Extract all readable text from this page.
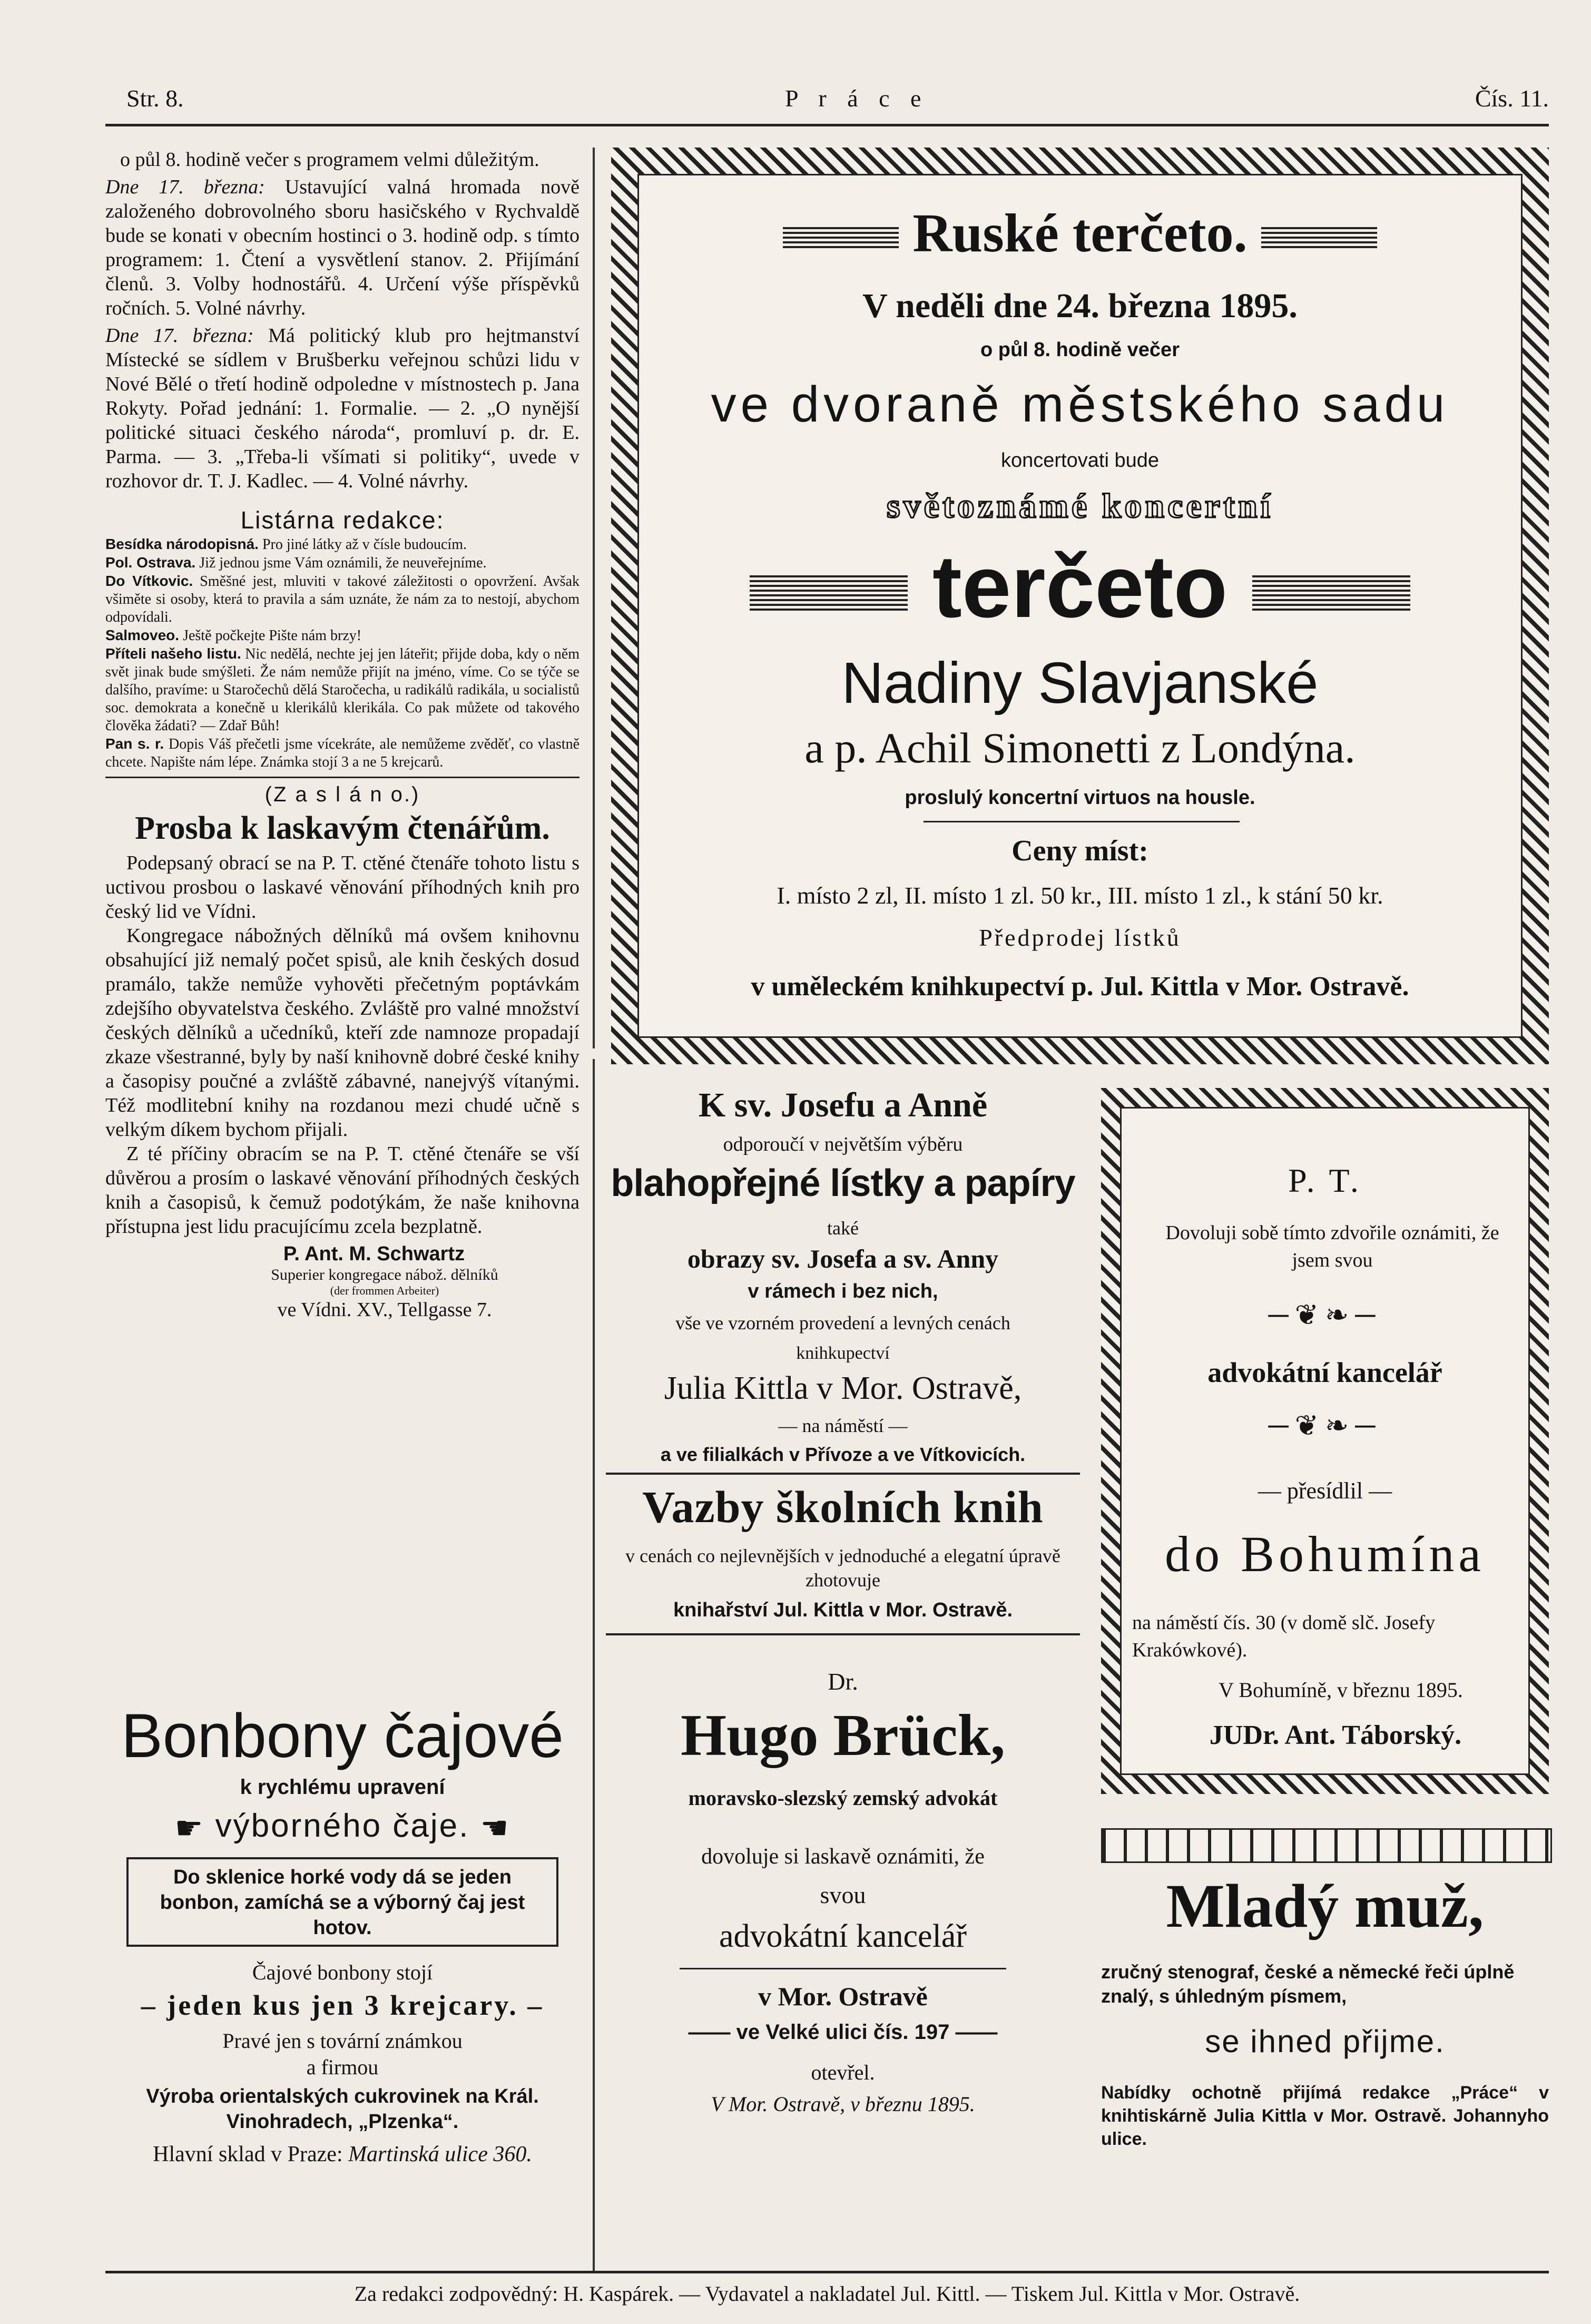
Str. 8.	P r á c e	Čís. 11.

o půl 8. hodině večer s programem velmi důležitým.

Dne 17. března: Ustavující valná hromada nově založeného dobrovolného sboru hasičského v Rychvaldě bude se konati v obecním hostinci o 3. hodině odp. s tímto programem: 1. Čtení a vysvětlení stanov. 2. Přijímání členů. 3. Volby hodnostářů. 4. Určení výše příspěvků ročních. 5. Volné návrhy.

Dne 17. března: Má politický klub pro hejtmanství Místecké se sídlem v Brušberku veřejnou schůzi lidu v Nové Bělé o třetí hodině odpoledne v místnostech p. Jana Rokyty. Pořad jednání: 1. Formalie. — 2. „O nynější politické situaci českého národa“, promluví p. dr. E. Parma. — 3. „Třeba-li všímati si politiky“, uvede v rozhovor dr. T. J. Kadlec. — 4. Volné návrhy.

Listárna redakce:

Besídka národopisná. Pro jiné látky až v čísle budoucím.

Pol. Ostrava. Již jednou jsme Vám oznámili, že neuveřejníme.

Do Vítkovic. Směšné jest, mluviti v takové záležitosti o opovržení. Avšak všiměte si osoby, která to pravila a sám uznáte, že nám za to nestojí, abychom odpovídali.

Salmoveo. Ještě počkejte Pište nám brzy!

Příteli našeho listu. Nic nedělá, nechte jej jen láteřit; přijde doba, kdy o něm svět jinak bude smýšleti. Že nám nemůže přijít na jméno, víme. Co se týče se dalšího, pravíme: u Staročechů dělá Staročecha, u radikálů radikála, u socialistů soc. demokrata a konečně u klerikálů klerikála. Co pak můžete od takového člověka žádati? — Zdař Bůh!

Pan s. r. Dopis Váš přečetli jsme vícekráte, ale nemůžeme zvěděť, co vlastně chcete. Napište nám lépe. Známka stojí 3 a ne 5 krejcarů.

(Z a s l á n o.)

Prosba k laskavým čtenářům.

Podepsaný obrací se na P. T. ctěné čtenáře tohoto listu s uctivou prosbou o laskavé věnování příhodných knih pro český lid ve Vídni.

Kongregace nábožných dělníků má ovšem knihovnu obsahující již nemalý počet spisů, ale knih českých dosud pramálo, takže nemůže vyhověti přečetným poptávkám zdejšího obyvatelstva českého. Zvláště pro valné množství českých dělníků a učedníků, kteří zde namnoze propadají zkaze všestranné, byly by naší knihovně dobré české knihy a časopisy poučné a zvláště zábavné, nanejvýš vítanými. Též modlitební knihy na rozdanou mezi chudé učně s velkým díkem bychom přijali.

Z té příčiny obracím se na P. T. ctěné čtenáře se vší důvěrou a prosím o laskavé věnování příhodných českých knih a časopisů, k čemuž podotýkám, že naše knihovna přístupna jest lidu pracujícímu zcela bezplatně.

P. Ant. M. Schwartz

Superier kongregace nábož. dělníků

(der frommen Arbeiter)

ve Vídni. XV., Tellgasse 7.

Bonbony čajové
k rychlému upravení
☛ výborného čaje. ☚
Do sklenice horké vody dá se jeden bonbon, zamíchá se a výborný čaj jest hotov.
Čajové bonbony stojí
– jeden kus jen 3 krejcary. –
Pravé jen s tovární známkou
a firmou
Výroba orientalských cukrovinek na Král. Vinohradech, „Plzenka“.
Hlavní sklad v Praze: Martinská ulice 360.
Ruské terčeto.
V neděli dne 24. března 1895.
o půl 8. hodině večer
ve dvoraně městského sadu
koncertovati bude
světoznámé koncertní
terčeto
Nadiny Slavjanské
a p. Achil Simonetti z Londýna.
proslulý koncertní virtuos na housle.
Ceny míst:
I. místo 2 zl, II. místo 1 zl. 50 kr., III. místo 1 zl., k stání 50 kr.
Předprodej lístků
v uměleckém knihkupectví p. Jul. Kittla v Mor. Ostravě.
K sv. Josefu a Anně
odporoučí v největším výběru
blahopřejné lístky a papíry
také
obrazy sv. Josefa a sv. Anny
v rámech i bez nich,
vše ve vzorném provedení a levných cenách
knihkupectví
Julia Kittla v Mor. Ostravě,
— na náměstí —
a ve filialkách v Přívoze a ve Vítkovicích.
Vazby školních knih
v cenách co nejlevnějších v jednoduché a elegatní úpravě zhotovuje
knihařství Jul. Kittla v Mor. Ostravě.
Dr.
Hugo Brück,
moravsko-slezský zemský advokát
dovoluje si laskavě oznámiti, že
svou
advokátní kancelář
v Mor. Ostravě
—— ve Velké ulici čís. 197 ——
otevřel.
V Mor. Ostravě, v březnu 1895.
P. T.
Dovoluji sobě tímto zdvořile oznámiti, že jsem svou
─❦❧─
advokátní kancelář
─❦❧─
— přesídlil —
do Bohumína
na náměstí čís. 30 (v domě slč. Josefy Krakówkové).
V Bohumíně, v březnu 1895.
JUDr. Ant. Táborský.
Mladý muž,
zručný stenograf, české a německé řeči úplně znalý, s úhledným písmem,
se ihned přijme.
Nabídky ochotně přijímá redakce „Práce“ v knihtiskárně Julia Kittla v Mor. Ostravě. Johannyho ulice.
Za redakci zodpovědný: H. Kaspárek. — Vydavatel a nakladatel Jul. Kittl. — Tiskem Jul. Kittla v Mor. Ostravě.
